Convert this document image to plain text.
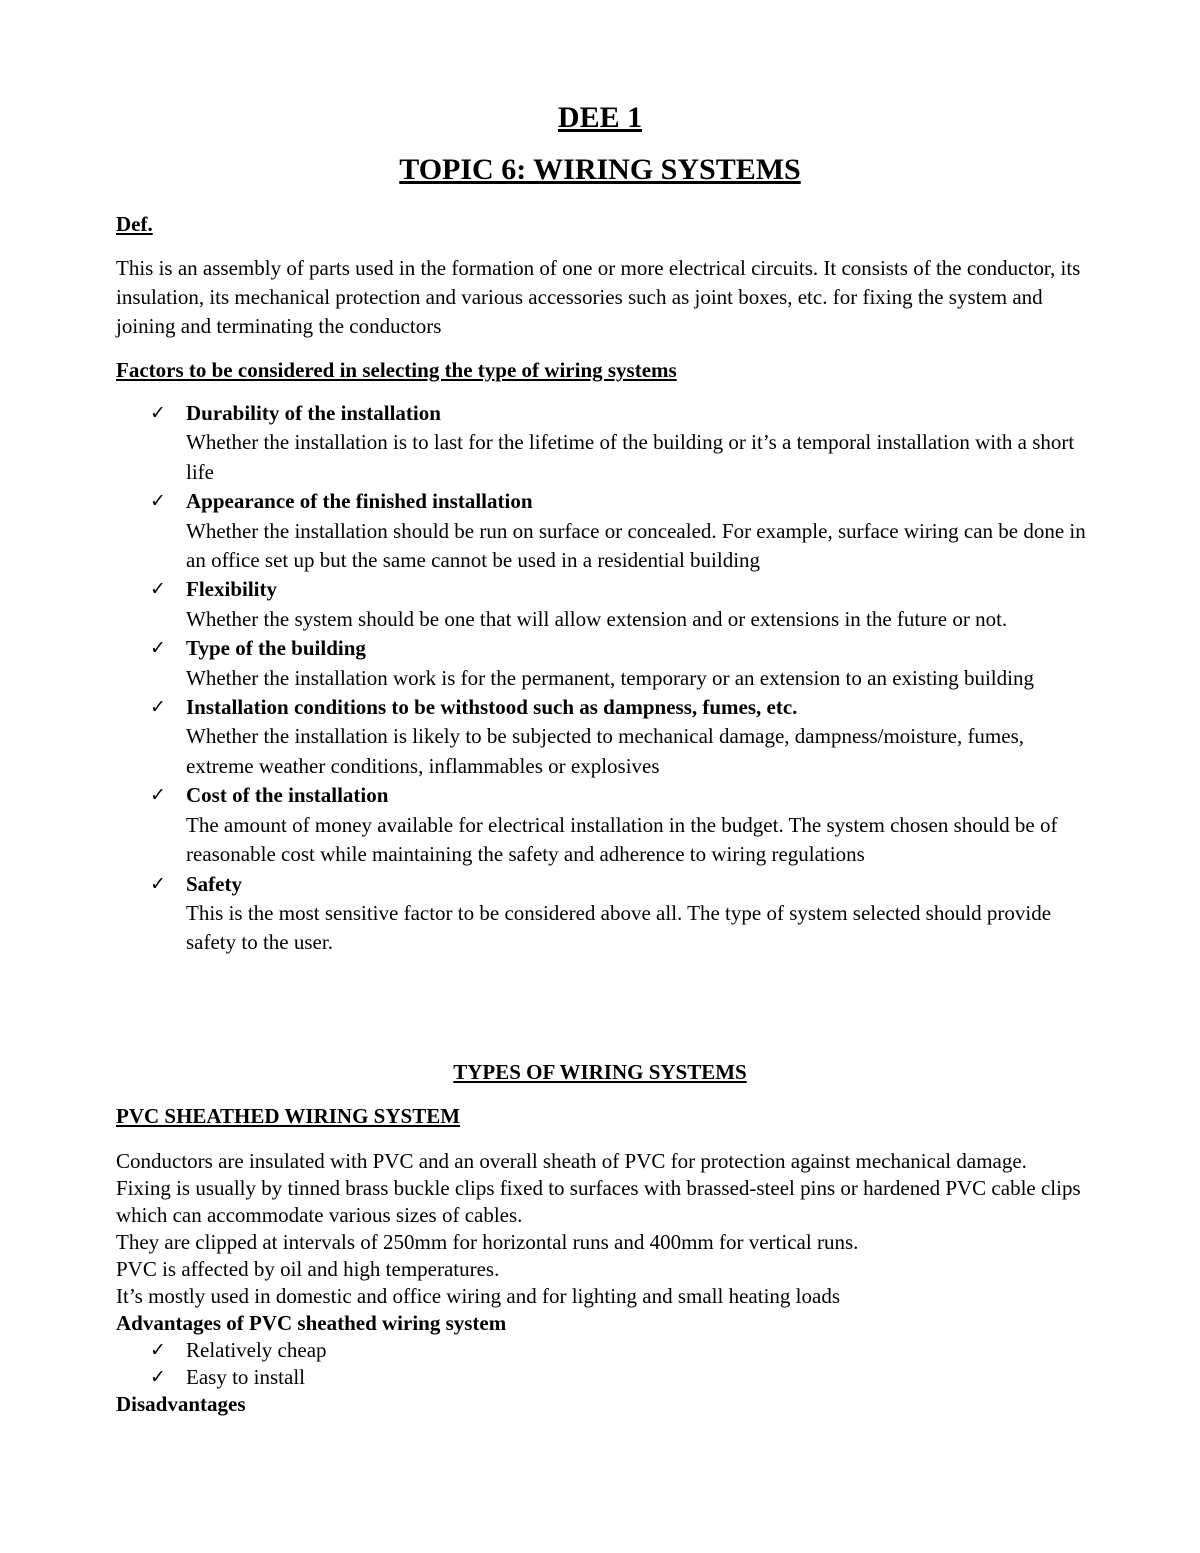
DEE 1
TOPIC 6: WIRING SYSTEMS

Def.

This is an assembly of parts used in the formation of one or more electrical circuits. It consists of the conductor, its insulation, its mechanical protection and various accessories such as joint boxes, etc. for fixing the system and joining and terminating the conductors

Factors to be considered in selecting the type of wiring systems

✓ Durability of the installation
Whether the installation is to last for the lifetime of the building or it’s a temporal installation with a short life
✓ Appearance of the finished installation
Whether the installation should be run on surface or concealed. For example, surface wiring can be done in an office set up but the same cannot be used in a residential building
✓ Flexibility
Whether the system should be one that will allow extension and or extensions in the future or not.
✓ Type of the building
Whether the installation work is for the permanent, temporary or an extension to an existing building
✓ Installation conditions to be withstood such as dampness, fumes, etc.
Whether the installation is likely to be subjected to mechanical damage, dampness/moisture, fumes, extreme weather conditions, inflammables or explosives
✓ Cost of the installation
The amount of money available for electrical installation in the budget. The system chosen should be of reasonable cost while maintaining the safety and adherence to wiring regulations
✓ Safety
This is the most sensitive factor to be considered above all. The type of system selected should provide safety to the user.

TYPES OF WIRING SYSTEMS

PVC SHEATHED WIRING SYSTEM

Conductors are insulated with PVC and an overall sheath of PVC for protection against mechanical damage.

Fixing is usually by tinned brass buckle clips fixed to surfaces with brassed-steel pins or hardened PVC cable clips which can accommodate various sizes of cables.

They are clipped at intervals of 250mm for horizontal runs and 400mm for vertical runs.

PVC is affected by oil and high temperatures.

It’s mostly used in domestic and office wiring and for lighting and small heating loads

Advantages of PVC sheathed wiring system

✓ Relatively cheap
✓ Easy to install

Disadvantages
